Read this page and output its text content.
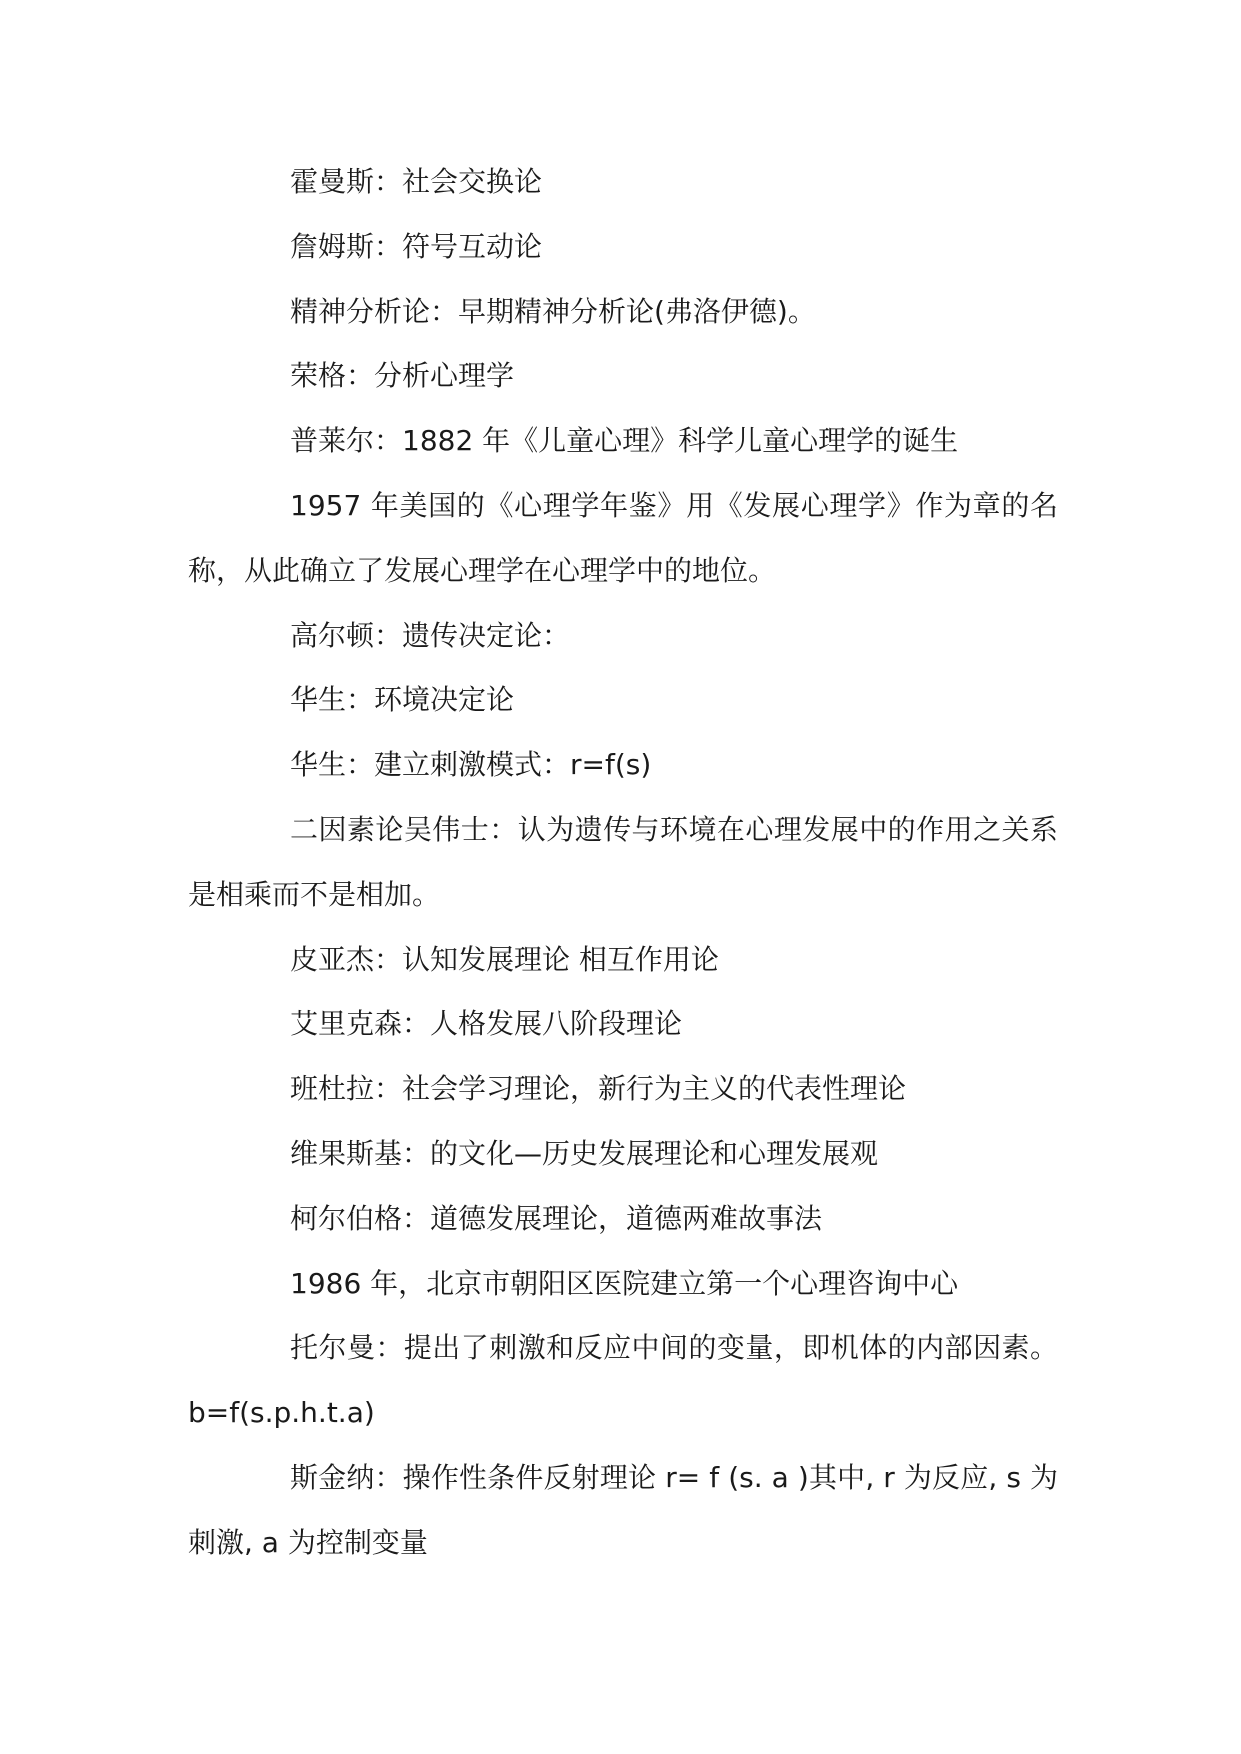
霍曼斯：社会交换论

詹姆斯：符号互动论

精神分析论：早期精神分析论(弗洛伊德)。

荣格：分析心理学

普莱尔：1882 年《儿童心理》科学儿童心理学的诞生

1957 年美国的《心理学年鉴》用《发展心理学》作为章的名称，从此确立了发展心理学在心理学中的地位。

高尔顿：遗传决定论：

华生：环境决定论

华生：建立刺激模式：r=f(s)

二因素论吴伟士：认为遗传与环境在心理发展中的作用之关系是相乘而不是相加。

皮亚杰：认知发展理论 相互作用论

艾里克森：人格发展八阶段理论

班杜拉：社会学习理论，新行为主义的代表性理论

维果斯基：的文化—历史发展理论和心理发展观

柯尔伯格：道德发展理论，道德两难故事法

1986 年，北京市朝阳区医院建立第一个心理咨询中心

托尔曼：提出了刺激和反应中间的变量，即机体的内部因素。b=f(s.p.h.t.a)

斯金纳：操作性条件反射理论 r= f (s. a )其中, r 为反应, s 为刺激, a 为控制变量
